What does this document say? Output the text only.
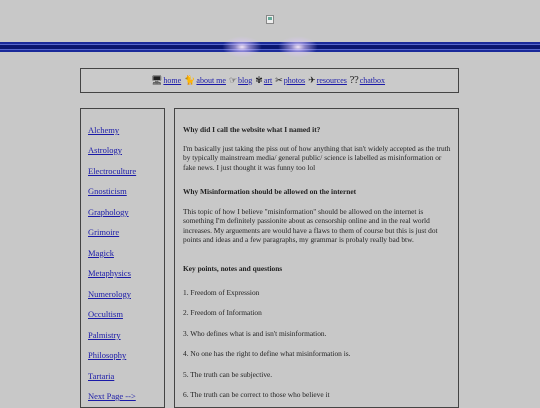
🖥 home 🐈 about me ☞ blog ✾ art ✂ photos ✈ resources ⁇ chatbox
Alchemy
Astrology
Electroculture
Gnosticism
Graphology
Grimoire
Magick
Metaphysics
Numerology
Occultism
Palmistry
Philosophy
Tartaria
Next Page -->
Why did I call the website what I named it?
I'm basically just taking the piss out of how anything that isn't widely accepted as the truth by typically mainstream media/ general public/ science is labelled as misinformation or fake news. I just thought it was funny too lol
Why Misinformation should be allowed on the internet
This topic of how I believe "misinformation" should be allowed on the internet is something I'm definitely passionite about as censorship online and in the real world increases. My arguements are would have a flaws to them of course but this is just dot points and ideas and a few paragraphs, my grammar is probaly really bad btw.
Key points, notes and questions
1. Freedom of Expression
2. Freedom of Information
3. Who defines what is and isn't misinformation.
4. No one has the right to define what misinformation is.
5. The truth can be subjective.
6. The truth can be correct to those who believe it
